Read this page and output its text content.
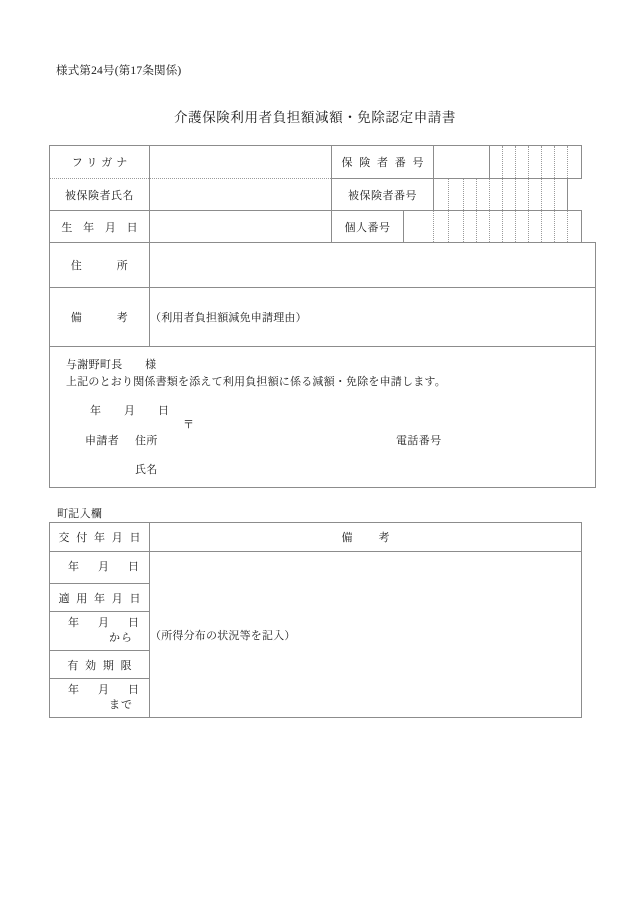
様式第24号(第17条関係)
介護保険利用者負担額減額・免除認定申請書
フリガナ		保 険 者 番 号												
被保険者氏名		被保険者番号												
生 年 月 日		個人番号												
住　　　所														
備　　　考	（利用者負担額減免申請理由）													

与謝野町長　　様
上記のとおり関係書類を添えて利用負担額に係る減額・免除を申請します。
年 月 日
〒
申請者 住所	電話番号
氏名
町記入欄
交 付 年 月 日	備 考
年　月　日	（所得分布の状況等を記入）
適 用 年 月 日	
年　月　日
から	

有 効 期 限	
年　月　日
まで	
